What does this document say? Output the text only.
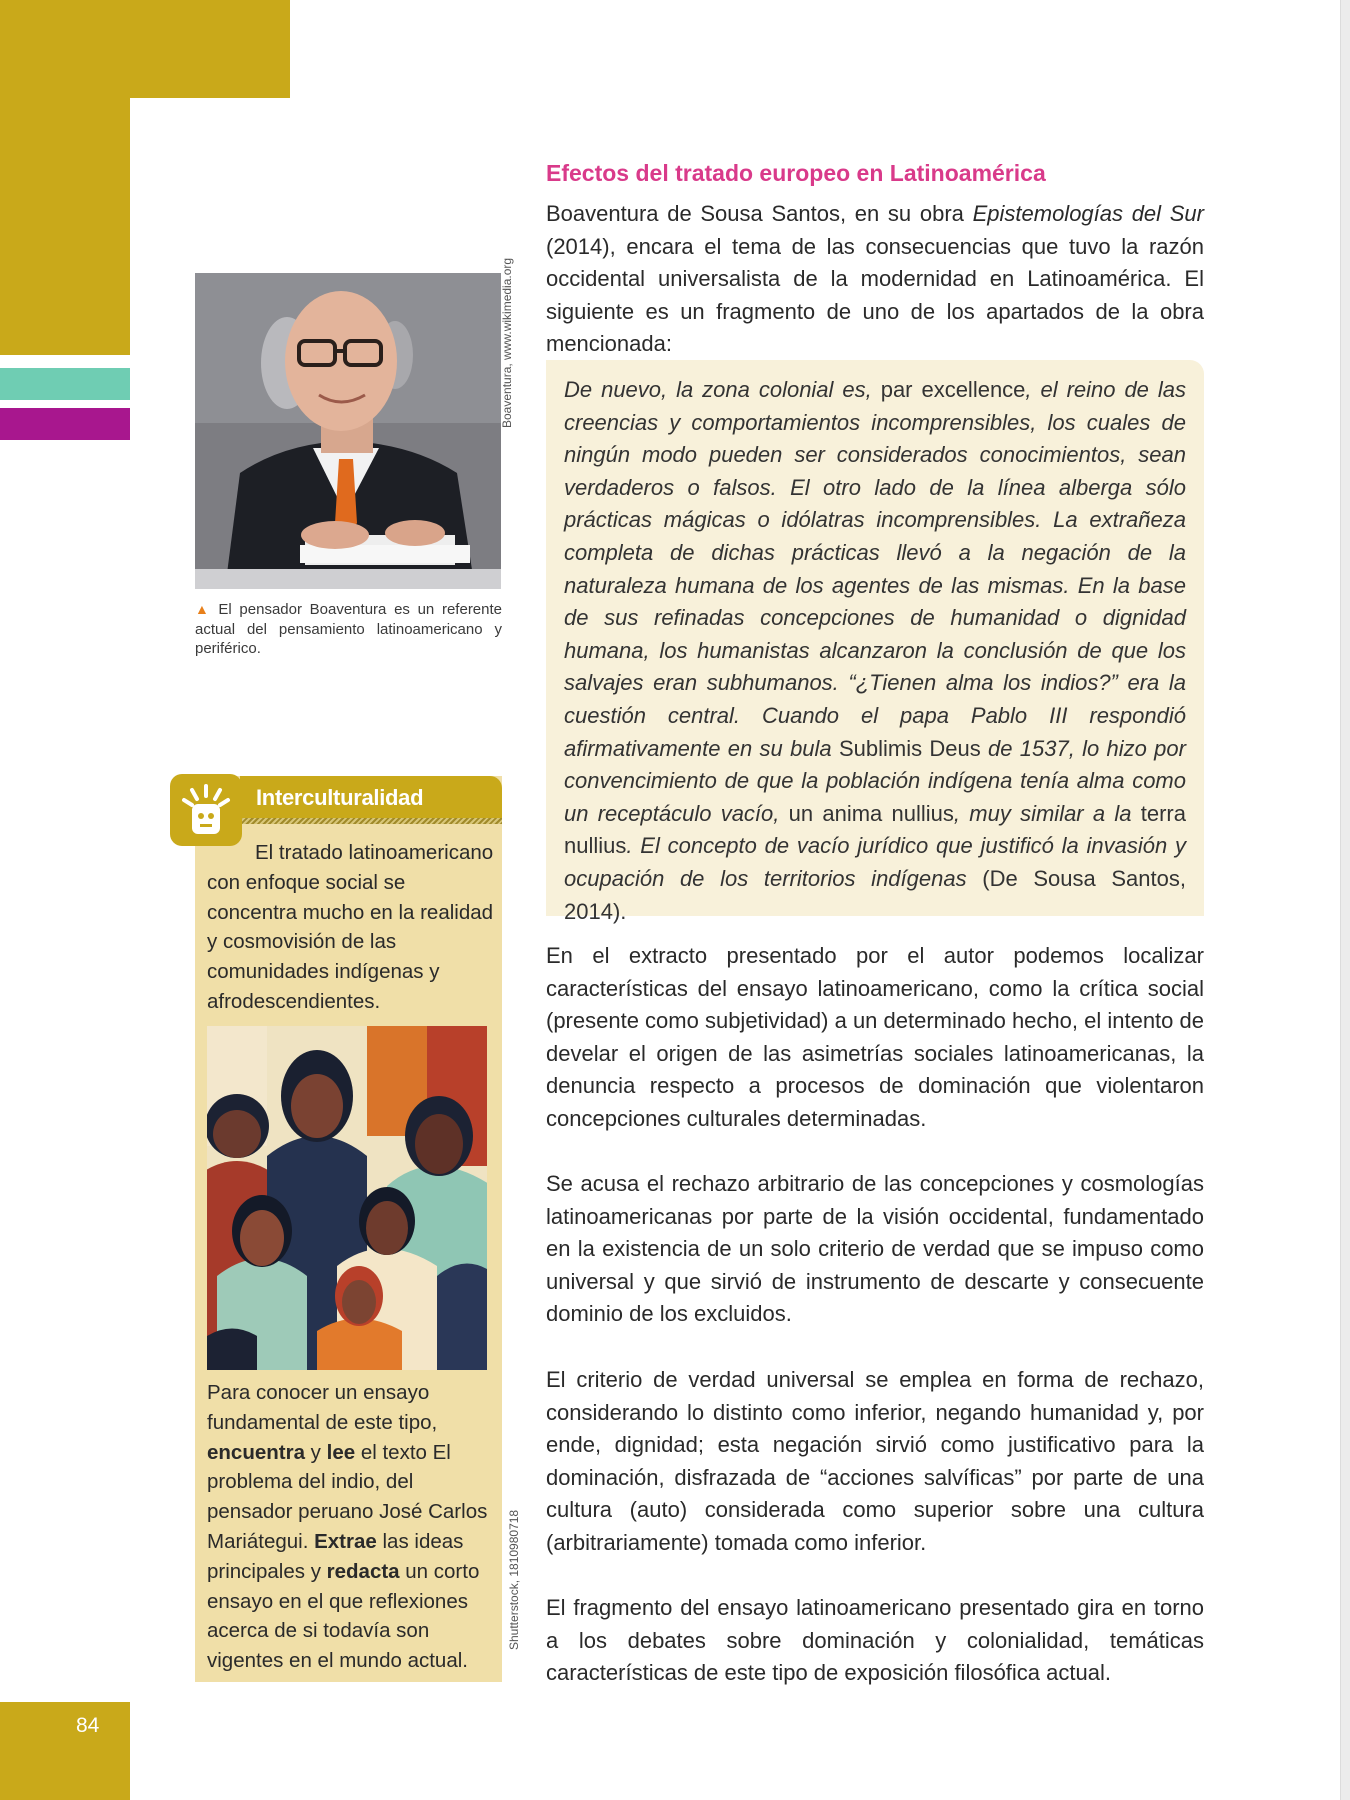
84
Efectos del tratado europeo en Latinoamérica

Boaventura de Sousa Santos, en su obra Epistemologías del Sur (2014), encara el tema de las consecuencias que tuvo la razón occidental universalista de la modernidad en Latinoamérica. El siguiente es un fragmento de uno de los apartados de la obra mencionada:

De nuevo, la zona colonial es, par excellence, el reino de las creencias y comportamientos incomprensibles, los cuales de ningún modo pueden ser considerados conocimientos, sean verdaderos o falsos. El otro lado de la línea alberga sólo prácticas mágicas o idólatras incomprensibles. La extrañeza completa de dichas prácticas llevó a la negación de la naturaleza humana de los agentes de las mismas. En la base de sus refinadas concepciones de humanidad o dignidad humana, los humanistas alcanzaron la conclusión de que los salvajes eran subhumanos. “¿Tienen alma los indios?” era la cuestión central. Cuando el papa Pablo III respondió afirmativamente en su bula Sublimis Deus de 1537, lo hizo por convencimiento de que la población indígena tenía alma como un receptáculo vacío, un anima nullius, muy similar a la terra nullius. El concepto de vacío jurídico que justificó la invasión y ocupación de los territorios indígenas (De Sousa Santos, 2014).

En el extracto presentado por el autor podemos localizar características del ensayo latinoamericano, como la crítica social (presente como subjetividad) a un determinado hecho, el intento de develar el origen de las asimetrías sociales latinoamericanas, la denuncia respecto a procesos de dominación que violentaron concepciones culturales determinadas.

Se acusa el rechazo arbitrario de las concepciones y cosmologías latinoamericanas por parte de la visión occidental, fundamentado en la existencia de un solo criterio de verdad que se impuso como universal y que sirvió de instrumento de descarte y consecuente dominio de los excluidos.

El criterio de verdad universal se emplea en forma de rechazo, considerando lo distinto como inferior, negando humanidad y, por ende, dignidad; esta negación sirvió como justificativo para la dominación, disfrazada de “acciones salvíficas” por parte de una cultura (auto) considerada como superior sobre una cultura (arbitrariamente) tomada como inferior.

El fragmento del ensayo latinoamericano presentado gira en torno a los debates sobre dominación y colonialidad, temáticas características de este tipo de exposición filosófica actual.

Boaventura, www.wikimedia.org

▲ El pensador Boaventura es un referente actual del pensamiento latinoamericano y periférico.

Interculturalidad

El tratado latinoamericano con enfoque social se concentra mucho en la realidad y cosmovisión de las comunidades indígenas y afrodescendientes.

Para conocer un ensayo fundamental de este tipo, encuentra y lee el texto El problema del indio, del pensador peruano José Carlos Mariátegui. Extrae las ideas principales y redacta un corto ensayo en el que reflexiones acerca de si todavía son vigentes en el mundo actual.

Shutterstock, 1810980718
